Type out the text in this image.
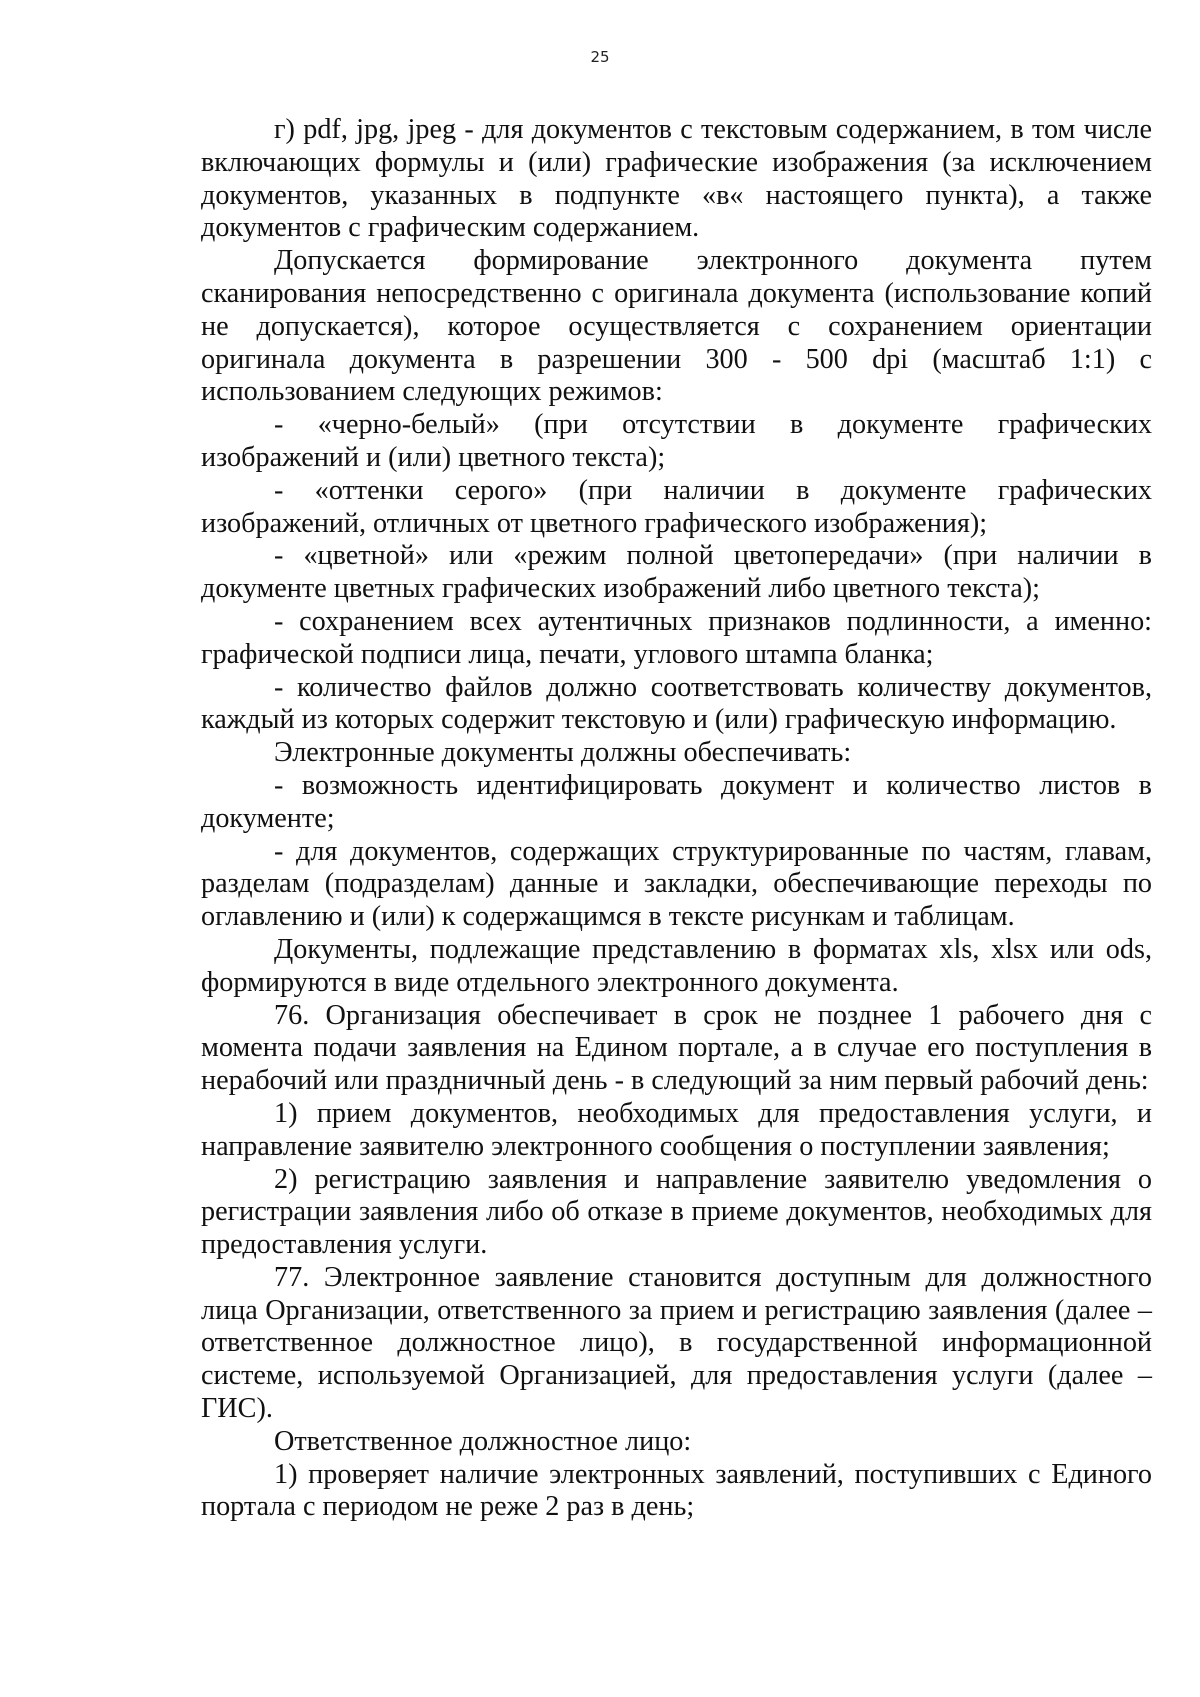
25

г) pdf, jpg, jpeg - для документов с текстовым содержанием, в том числе включающих формулы и (или) графические изображения (за исключением документов, указанных в подпункте «в« настоящего пункта), а также документов с графическим содержанием.

Допускается формирование электронного документа путем сканирования непосредственно с оригинала документа (использование копий не допускается), которое осуществляется с сохранением ориентации оригинала документа в разрешении 300 - 500 dpi (масштаб 1:1) с использованием следующих режимов:

- «черно-белый» (при отсутствии в документе графических изображений и (или) цветного текста);

- «оттенки серого» (при наличии в документе графических изображений, отличных от цветного графического изображения);

- «цветной» или «режим полной цветопередачи» (при наличии в документе цветных графических изображений либо цветного текста);

- сохранением всех аутентичных признаков подлинности, а именно: графической подписи лица, печати, углового штампа бланка;

- количество файлов должно соответствовать количеству документов, каждый из которых содержит текстовую и (или) графическую информацию.

Электронные документы должны обеспечивать:

- возможность идентифицировать документ и количество листов в документе;

- для документов, содержащих структурированные по частям, главам, разделам (подразделам) данные и закладки, обеспечивающие переходы по оглавлению и (или) к содержащимся в тексте рисункам и таблицам.

Документы, подлежащие представлению в форматах xls, xlsx или ods, формируются в виде отдельного электронного документа.

76. Организация обеспечивает в срок не позднее 1 рабочего дня с момента подачи заявления на Едином портале, а в случае его поступления в нерабочий или праздничный день - в следующий за ним первый рабочий день:

1) прием документов, необходимых для предоставления услуги, и направление заявителю электронного сообщения о поступлении заявления;

2) регистрацию заявления и направление заявителю уведомления о регистрации заявления либо об отказе в приеме документов, необходимых для предоставления услуги.

77. Электронное заявление становится доступным для должностного лица Организации, ответственного за прием и регистрацию заявления (далее – ответственное должностное лицо), в государственной информационной системе, используемой Организацией, для предоставления услуги (далее – ГИС).

Ответственное должностное лицо:

1) проверяет наличие электронных заявлений, поступивших с Единого портала с периодом не реже 2 раз в день;
